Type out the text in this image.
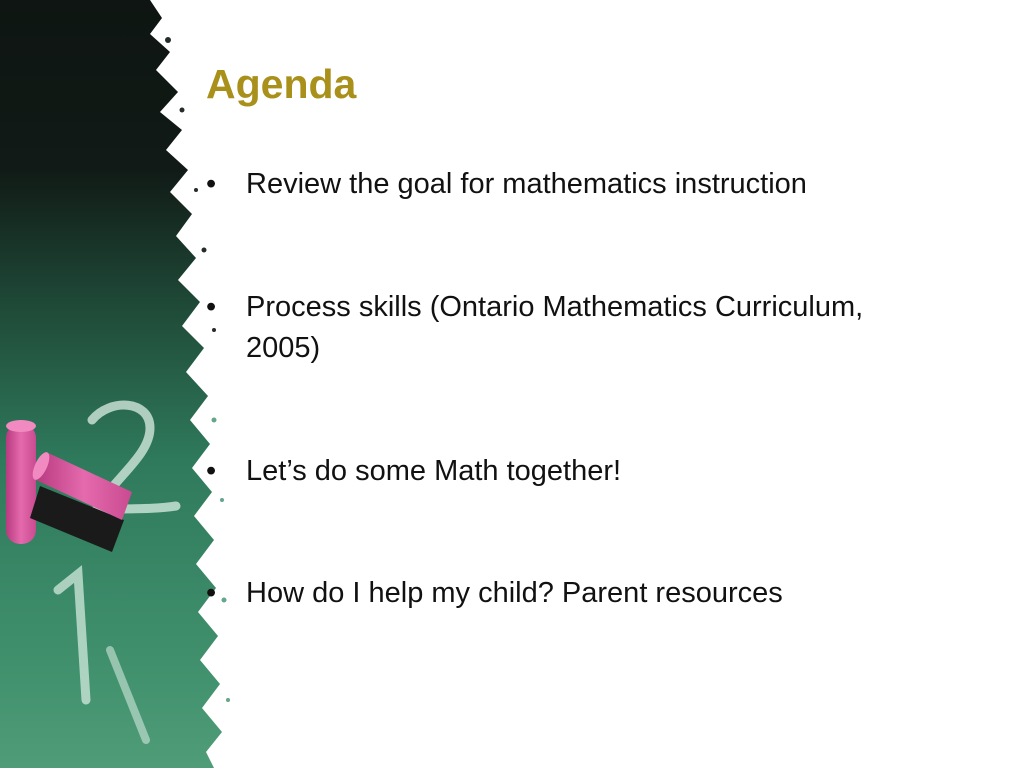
Agenda
•	Review the goal for mathematics instruction
•	Process skills (Ontario Mathematics Curriculum, 2005)
•	Let’s do some Math together!
•	How do I help my child? Parent resources
